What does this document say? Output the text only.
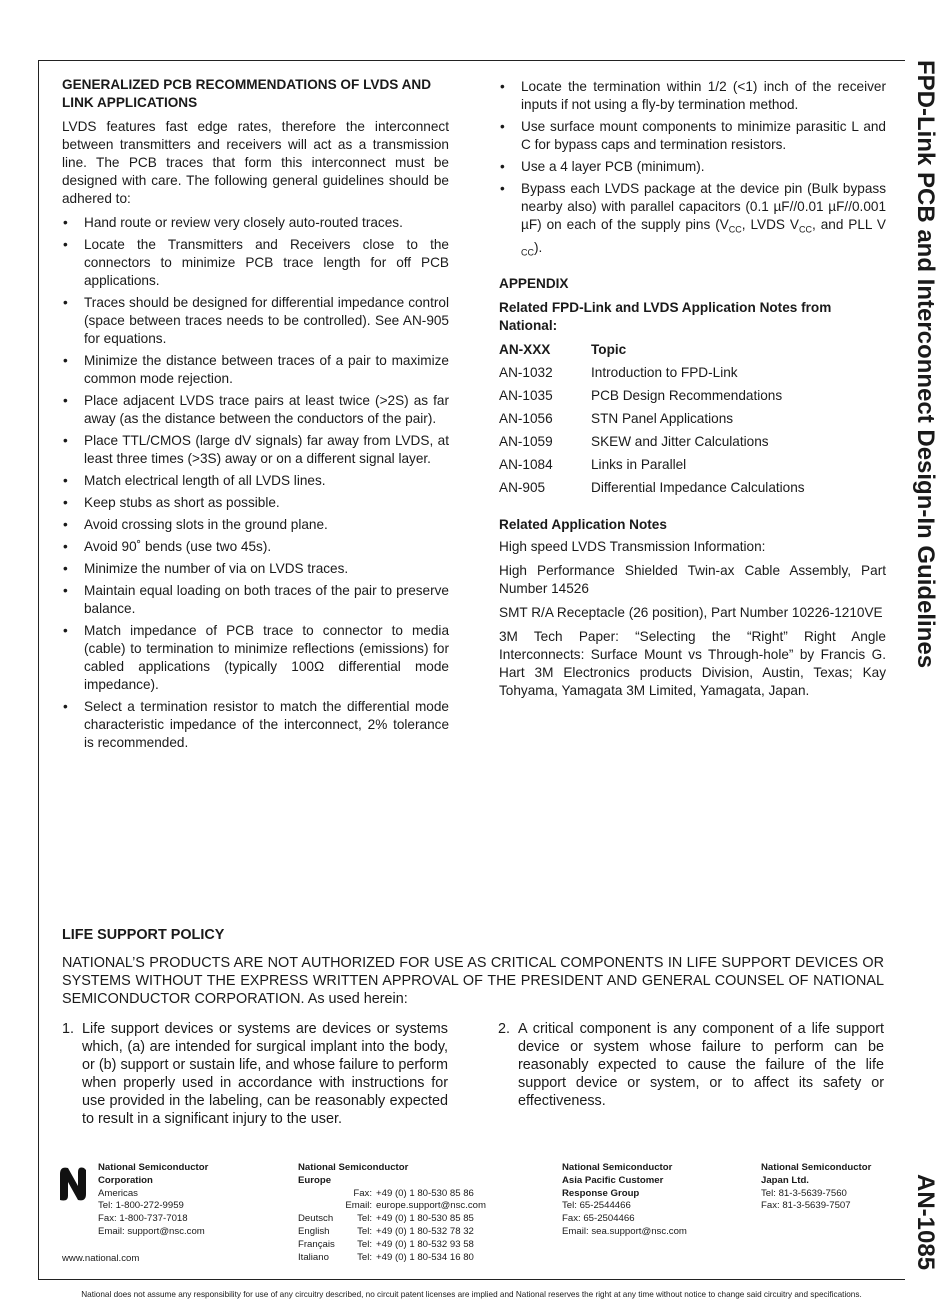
FPD-Link PCB and Interconnect Design-In Guidelines
AN-1085
GENERALIZED PCB RECOMMENDATIONS OF LVDS AND LINK APPLICATIONS

LVDS features fast edge rates, therefore the interconnect between transmitters and receivers will act as a transmission line. The PCB traces that form this interconnect must be designed with care. The following general guidelines should be adhered to:

• Hand route or review very closely auto-routed traces.
• Locate the Transmitters and Receivers close to the connectors to minimize PCB trace length for off PCB applications.
• Traces should be designed for differential impedance control (space between traces needs to be controlled). See AN-905 for equations.
• Minimize the distance between traces of a pair to maximize common mode rejection.
• Place adjacent LVDS trace pairs at least twice (>2S) as far away (as the distance between the conductors of the pair).
• Place TTL/CMOS (large dV signals) far away from LVDS, at least three times (>3S) away or on a different signal layer.
• Match electrical length of all LVDS lines.
• Keep stubs as short as possible.
• Avoid crossing slots in the ground plane.
• Avoid 90˚ bends (use two 45s).
• Minimize the number of via on LVDS traces.
• Maintain equal loading on both traces of the pair to preserve balance.
• Match impedance of PCB trace to connector to media (cable) to termination to minimize reflections (emissions) for cabled applications (typically 100Ω differential mode impedance).
• Select a termination resistor to match the differential mode characteristic impedance of the interconnect, 2% tolerance is recommended.
• Locate the termination within 1/2 (<1) inch of the receiver inputs if not using a fly-by termination method.
• Use surface mount components to minimize parasitic L and C for bypass caps and termination resistors.
• Use a 4 layer PCB (minimum).
• Bypass each LVDS package at the device pin (Bulk bypass nearby also) with parallel capacitors (0.1 µF//0.01 µF//0.001 µF) on each of the supply pins ($V_{CC}$, LVDS $V_{CC}$, and PLL V $_{CC}$).
APPENDIX
Related FPD-Link and LVDS Application Notes from National:
AN-XXX	Topic
AN-1032	Introduction to FPD-Link
AN-1035	PCB Design Recommendations
AN-1056	STN Panel Applications
AN-1059	SKEW and Jitter Calculations
AN-1084	Links in Parallel
AN-905	Differential Impedance Calculations
Related Application Notes

High speed LVDS Transmission Information:

High Performance Shielded Twin-ax Cable Assembly, Part Number 14526

SMT R/A Receptacle (26 position), Part Number 10226-1210VE

3M Tech Paper: “Selecting the “Right” Right Angle Interconnects: Surface Mount vs Through-hole” by Francis G. Hart 3M Electronics products Division, Austin, Texas; Kay Tohyama, Yamagata 3M Limited, Yamagata, Japan.

LIFE SUPPORT POLICY
NATIONAL’S PRODUCTS ARE NOT AUTHORIZED FOR USE AS CRITICAL COMPONENTS IN LIFE SUPPORT DEVICES OR SYSTEMS WITHOUT THE EXPRESS WRITTEN APPROVAL OF THE PRESIDENT AND GENERAL COUNSEL OF NATIONAL SEMICONDUCTOR CORPORATION. As used herein:
1. Life support devices or systems are devices or systems which, (a) are intended for surgical implant into the body, or (b) support or sustain life, and whose failure to perform when properly used in accordance with instructions for use provided in the labeling, can be reasonably expected to result in a significant injury to the user.
2. A critical component is any component of a life support device or system whose failure to perform can be reasonably expected to cause the failure of the life support device or system, or to affect its safety or effectiveness.
National Semiconductor
Corporation
Americas
Tel: 1-800-272-9959
Fax: 1-800-737-7018
Email: support@nsc.com
www.national.com
National Semiconductor
Europe
Fax: +49 (0) 1 80-530 85 86
Email: europe.support@nsc.com
Deutsch	Tel: +49 (0) 1 80-530 85 85
English	Tel: +49 (0) 1 80-532 78 32
Français	Tel: +49 (0) 1 80-532 93 58
Italiano	Tel: +49 (0) 1 80-534 16 80
National Semiconductor
Asia Pacific Customer
Response Group
Tel: 65-2544466
Fax: 65-2504466
Email: sea.support@nsc.com
National Semiconductor
Japan Ltd.
Tel: 81-3-5639-7560
Fax: 81-3-5639-7507
National does not assume any responsibility for use of any circuitry described, no circuit patent licenses are implied and National reserves the right at any time without notice to change said circuitry and specifications.
